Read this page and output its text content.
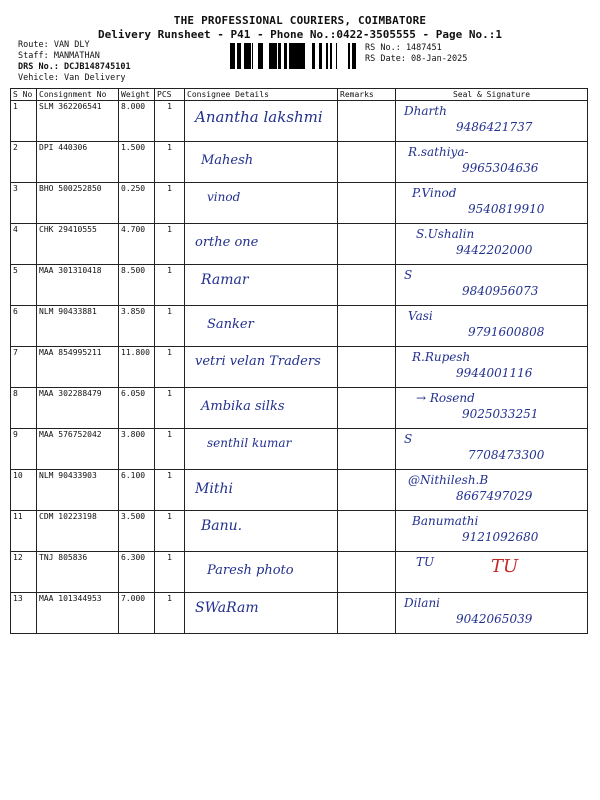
THE PROFESSIONAL COURIERS, COIMBATORE
Delivery Runsheet - P41 - Phone No.:0422-3505555 - Page No.:1
Route: VAN DLY
Staff: MANMATHAN
DRS No.: DCJB148745101
Vehicle: Van Delivery
RS No.: 1487451
RS Date: 08-Jan-2025
S No	Consignment No	Weight	PCS	Consignee Details	Remarks	Seal & Signature
1	SLM 362206541	8.000	1	Anantha lakshmi		Dharth
9486421737

2	DPI 440306	1.500	1	Mahesh		R.sathiya-
9965304636

3	BHO 500252850	0.250	1	vinod		P.Vinod
9540819910

4	CHK 29410555	4.700	1	orthe one		S.Ushalin
9442202000

5	MAA 301310418	8.500	1	Ramar		S
9840956073

6	NLM 90433881	3.850	1	Sanker		Vasi
9791600808

7	MAA 854995211	11.800	1	vetri velan Traders		R.Rupesh
9944001116

8	MAA 302288479	6.050	1	Ambika silks		→ Rosend
9025033251

9	MAA 576752042	3.800	1	senthil kumar		S
7708473300

10	NLM 90433903	6.100	1	Mithi		@Nithilesh.B
8667497029

11	CDM 10223198	3.500	1	Banu.		Banumathi
9121092680

12	TNJ 805836	6.300	1	Paresh photo		TU TU

13	MAA 101344953	7.000	1	SWaRam		Dilani
9042065039
